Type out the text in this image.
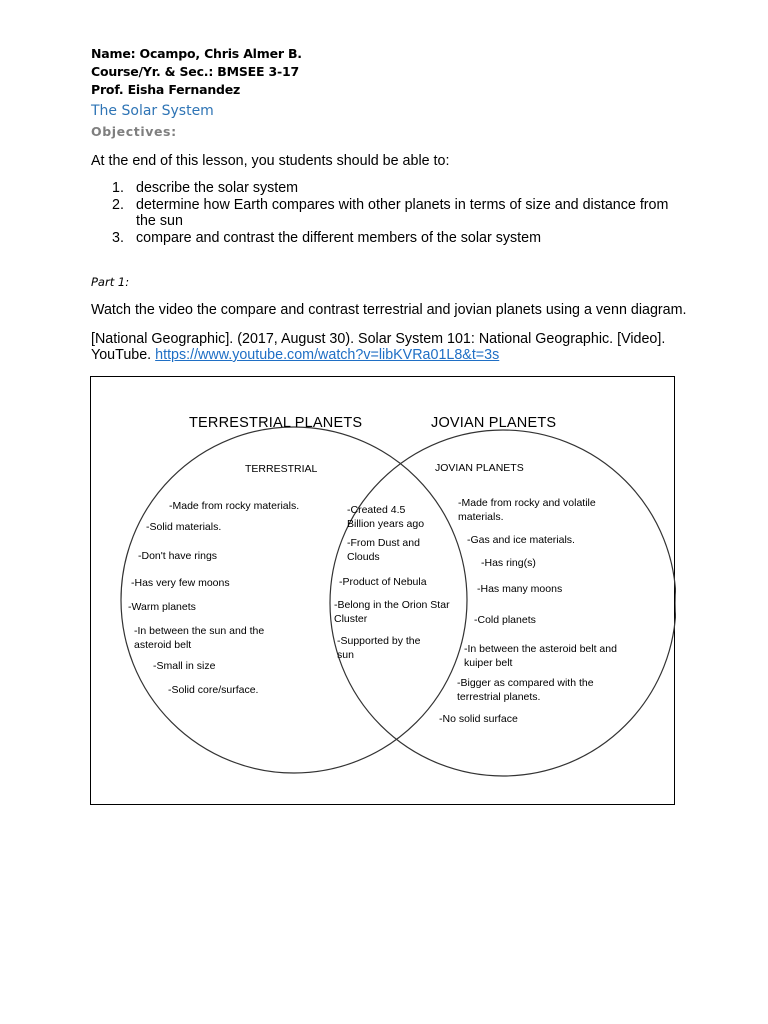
Name: Ocampo, Chris Almer B.
Course/Yr. & Sec.: BMSEE 3-17
Prof. Eisha Fernandez
The Solar System
Objectives:
At the end of this lesson, you students should be able to:
1. describe the solar system
2. determine how Earth compares with other planets in terms of size and distance from the sun
3. compare and contrast the different members of the solar system
Part 1:
Watch the video the compare and contrast terrestrial and jovian planets using a venn diagram.
[National Geographic]. (2017, August 30). Solar System 101: National Geographic. [Video]. YouTube. https://www.youtube.com/watch?v=libKVRa01L8&t=3s
TERRESTRIAL PLANETS	JOVIAN PLANETS
TERRESTRIAL	JOVIAN PLANETS
-Made from rocky materials.
-Solid materials.
-Don't have rings
-Has very few moons
-Warm planets
-In between the sun and the asteroid belt
-Small in size
-Solid core/surface.
-Created 4.5 Billion years ago
-From Dust and Clouds
-Product of Nebula
-Belong in the Orion Star Cluster
-Supported by the sun
-Made from rocky and volatile materials.
-Gas and ice materials.
-Has ring(s)
-Has many moons
-Cold planets
-In between the asteroid belt and kuiper belt
-Bigger as compared with the terrestrial planets.
-No solid surface
